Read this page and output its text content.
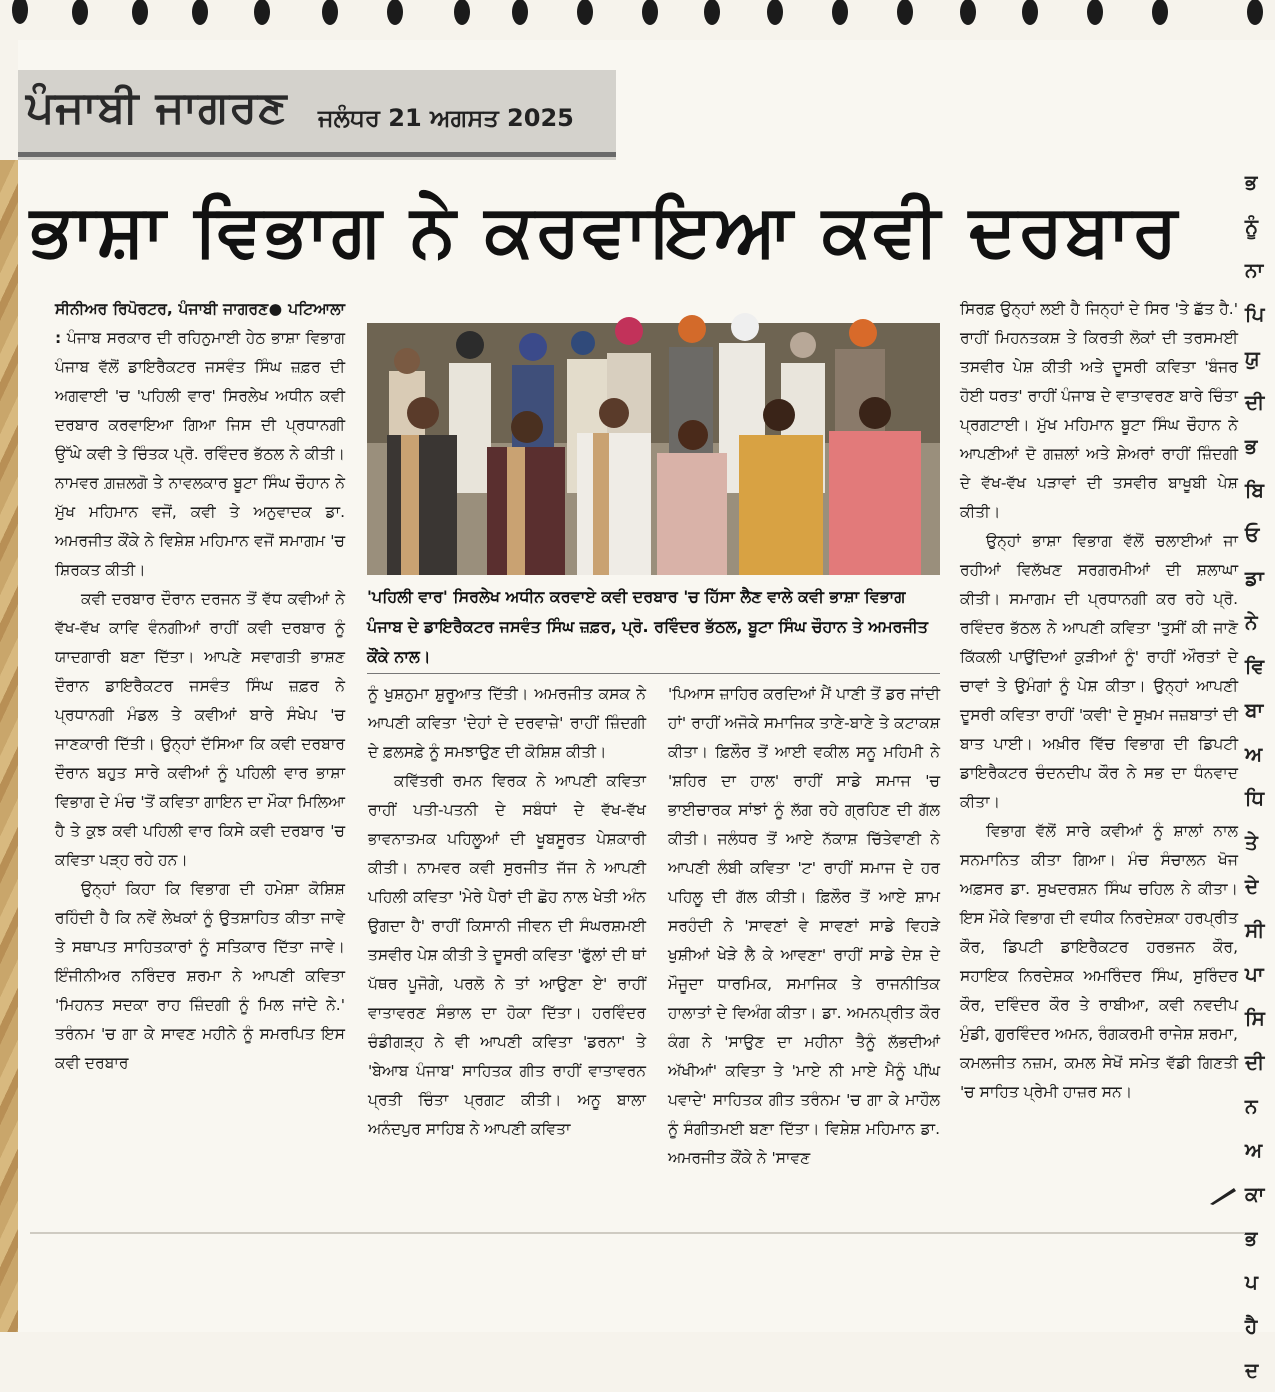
ਪੰਜਾਬੀ ਜਾਗਰਣ ਜਲੰਧਰ 21 ਅਗਸਤ 2025
ਭਾਸ਼ਾ ਵਿਭਾਗ ਨੇ ਕਰਵਾਇਆ ਕਵੀ ਦਰਬਾਰ
ਭ
ਨੂੰ
ਨਾ
ਪਿ
ਯੁ
ਦੀ
ਭ
ਬਿ
ਓ
ਡਾ
ਨੇ
ਵਿ
ਬਾ
ਅ
ਧਿ
ਤੇ
ਦੇ
ਸੀ
ਪਾ
ਸਿ
ਦੀ
ਨ
ਅ
ਕਾ
ਭ
ਪ
ਹੈ
ਦ

ਸੀਨੀਅਰ ਰਿਪੋਰਟਰ, ਪੰਜਾਬੀ ਜਾਗਰਣ● ਪਟਿਆਲਾ : ਪੰਜਾਬ ਸਰਕਾਰ ਦੀ ਰਹਿਨੁਮਾਈ ਹੇਠ ਭਾਸ਼ਾ ਵਿਭਾਗ ਪੰਜਾਬ ਵੱਲੋਂ ਡਾਇਰੈਕਟਰ ਜਸਵੰਤ ਸਿੰਘ ਜ਼ਫ਼ਰ ਦੀ ਅਗਵਾਈ 'ਚ 'ਪਹਿਲੀ ਵਾਰ' ਸਿਰਲੇਖ ਅਧੀਨ ਕਵੀ ਦਰਬਾਰ ਕਰਵਾਇਆ ਗਿਆ ਜਿਸ ਦੀ ਪ੍ਰਧਾਨਗੀ ਉੱਘੇ ਕਵੀ ਤੇ ਚਿੰਤਕ ਪ੍ਰੋ. ਰਵਿੰਦਰ ਭੱਠਲ ਨੇ ਕੀਤੀ। ਨਾਮਵਰ ਗ਼ਜ਼ਲਗੋ ਤੇ ਨਾਵਲਕਾਰ ਬੂਟਾ ਸਿੰਘ ਚੌਹਾਨ ਨੇ ਮੁੱਖ ਮਹਿਮਾਨ ਵਜੋਂ, ਕਵੀ ਤੇ ਅਨੁਵਾਦਕ ਡਾ. ਅਮਰਜੀਤ ਕੌਂਕੇ ਨੇ ਵਿਸ਼ੇਸ਼ ਮਹਿਮਾਨ ਵਜੋਂ ਸਮਾਗਮ 'ਚ ਸ਼ਿਰਕਤ ਕੀਤੀ।

ਕਵੀ ਦਰਬਾਰ ਦੌਰਾਨ ਦਰਜਨ ਤੋਂ ਵੱਧ ਕਵੀਆਂ ਨੇ ਵੱਖ-ਵੱਖ ਕਾਵਿ ਵੰਨਗੀਆਂ ਰਾਹੀਂ ਕਵੀ ਦਰਬਾਰ ਨੂੰ ਯਾਦਗਾਰੀ ਬਣਾ ਦਿੱਤਾ। ਆਪਣੇ ਸਵਾਗਤੀ ਭਾਸ਼ਣ ਦੌਰਾਨ ਡਾਇਰੈਕਟਰ ਜਸਵੰਤ ਸਿੰਘ ਜ਼ਫ਼ਰ ਨੇ ਪ੍ਰਧਾਨਗੀ ਮੰਡਲ ਤੇ ਕਵੀਆਂ ਬਾਰੇ ਸੰਖੇਪ 'ਚ ਜਾਣਕਾਰੀ ਦਿੱਤੀ। ਉਨ੍ਹਾਂ ਦੱਸਿਆ ਕਿ ਕਵੀ ਦਰਬਾਰ ਦੌਰਾਨ ਬਹੁਤ ਸਾਰੇ ਕਵੀਆਂ ਨੂੰ ਪਹਿਲੀ ਵਾਰ ਭਾਸ਼ਾ ਵਿਭਾਗ ਦੇ ਮੰਚ 'ਤੋਂ ਕਵਿਤਾ ਗਾਇਨ ਦਾ ਮੌਕਾ ਮਿਲਿਆ ਹੈ ਤੇ ਕੁਝ ਕਵੀ ਪਹਿਲੀ ਵਾਰ ਕਿਸੇ ਕਵੀ ਦਰਬਾਰ 'ਚ ਕਵਿਤਾ ਪੜ੍ਹ ਰਹੇ ਹਨ।

ਉਨ੍ਹਾਂ ਕਿਹਾ ਕਿ ਵਿਭਾਗ ਦੀ ਹਮੇਸ਼ਾ ਕੋਸ਼ਿਸ਼ ਰਹਿੰਦੀ ਹੈ ਕਿ ਨਵੇਂ ਲੇਖਕਾਂ ਨੂੰ ਉਤਸ਼ਾਹਿਤ ਕੀਤਾ ਜਾਵੇ ਤੇ ਸਥਾਪਤ ਸਾਹਿਤਕਾਰਾਂ ਨੂੰ ਸਤਿਕਾਰ ਦਿੱਤਾ ਜਾਵੇ। ਇੰਜੀਨੀਅਰ ਨਰਿੰਦਰ ਸ਼ਰਮਾ ਨੇ ਆਪਣੀ ਕਵਿਤਾ 'ਮਿਹਨਤ ਸਦਕਾ ਰਾਹ ਜ਼ਿੰਦਗੀ ਨੂੰ ਮਿਲ ਜਾਂਦੇ ਨੇ.' ਤਰੰਨਮ 'ਚ ਗਾ ਕੇ ਸਾਵਣ ਮਹੀਨੇ ਨੂੰ ਸਮਰਪਿਤ ਇਸ ਕਵੀ ਦਰਬਾਰ

'ਪਹਿਲੀ ਵਾਰ' ਸਿਰਲੇਖ ਅਧੀਨ ਕਰਵਾਏ ਕਵੀ ਦਰਬਾਰ 'ਚ ਹਿੱਸਾ ਲੈਣ ਵਾਲੇ ਕਵੀ ਭਾਸ਼ਾ ਵਿਭਾਗ ਪੰਜਾਬ ਦੇ ਡਾਇਰੈਕਟਰ ਜਸਵੰਤ ਸਿੰਘ ਜ਼ਫ਼ਰ, ਪ੍ਰੋ. ਰਵਿੰਦਰ ਭੱਠਲ, ਬੂਟਾ ਸਿੰਘ ਚੌਹਾਨ ਤੇ ਅਮਰਜੀਤ ਕੌਂਕੇ ਨਾਲ।

ਨੂੰ ਖੁਸ਼ਨੁਮਾ ਸ਼ੁਰੂਆਤ ਦਿੱਤੀ। ਅਮਰਜੀਤ ਕਸਕ ਨੇ ਆਪਣੀ ਕਵਿਤਾ 'ਦੇਹਾਂ ਦੇ ਦਰਵਾਜ਼ੇ' ਰਾਹੀਂ ਜ਼ਿੰਦਗੀ ਦੇ ਫ਼ਲਸਫ਼ੇ ਨੂੰ ਸਮਝਾਉਣ ਦੀ ਕੋਸ਼ਿਸ਼ ਕੀਤੀ।

ਕਵਿੱਤਰੀ ਰਮਨ ਵਿਰਕ ਨੇ ਆਪਣੀ ਕਵਿਤਾ ਰਾਹੀਂ ਪਤੀ-ਪਤਨੀ ਦੇ ਸਬੰਧਾਂ ਦੇ ਵੱਖ-ਵੱਖ ਭਾਵਨਾਤਮਕ ਪਹਿਲੂਆਂ ਦੀ ਖੂਬਸੂਰਤ ਪੇਸ਼ਕਾਰੀ ਕੀਤੀ। ਨਾਮਵਰ ਕਵੀ ਸੁਰਜੀਤ ਜੱਜ ਨੇ ਆਪਣੀ ਪਹਿਲੀ ਕਵਿਤਾ 'ਮੇਰੇ ਪੈਰਾਂ ਦੀ ਛੋਹ ਨਾਲ ਖੇਤੀ ਅੰਨ ਉਗਦਾ ਹੈ' ਰਾਹੀਂ ਕਿਸਾਨੀ ਜੀਵਨ ਦੀ ਸੰਘਰਸ਼ਮਈ ਤਸਵੀਰ ਪੇਸ਼ ਕੀਤੀ ਤੇ ਦੂਸਰੀ ਕਵਿਤਾ 'ਫੁੱਲਾਂ ਦੀ ਥਾਂ ਪੱਥਰ ਪੂਜੋਗੇ, ਪਰਲੋ ਨੇ ਤਾਂ ਆਉਣਾ ਏ' ਰਾਹੀਂ ਵਾਤਾਵਰਣ ਸੰਭਾਲ ਦਾ ਹੋਕਾ ਦਿੱਤਾ। ਹਰਵਿੰਦਰ ਚੰਡੀਗੜ੍ਹ ਨੇ ਵੀ ਆਪਣੀ ਕਵਿਤਾ 'ਡਰਨਾ' ਤੇ 'ਬੇਆਬ ਪੰਜਾਬ' ਸਾਹਿਤਕ ਗੀਤ ਰਾਹੀਂ ਵਾਤਾਵਰਨ ਪ੍ਰਤੀ ਚਿੰਤਾ ਪ੍ਰਗਟ ਕੀਤੀ। ਅਨੂ ਬਾਲਾ ਅਨੰਦਪੁਰ ਸਾਹਿਬ ਨੇ ਆਪਣੀ ਕਵਿਤਾ

'ਪਿਆਸ ਜ਼ਾਹਿਰ ਕਰਦਿਆਂ ਮੈਂ ਪਾਣੀ ਤੋਂ ਡਰ ਜਾਂਦੀ ਹਾਂ' ਰਾਹੀਂ ਅਜੋਕੇ ਸਮਾਜਿਕ ਤਾਣੇ-ਬਾਣੇ ਤੇ ਕਟਾਕਸ਼ ਕੀਤਾ। ਫ਼ਿਲੌਰ ਤੋਂ ਆਈ ਵਕੀਲ ਸਨੂ ਮਹਿਮੀ ਨੇ 'ਸ਼ਹਿਰ ਦਾ ਹਾਲ' ਰਾਹੀਂ ਸਾਡੇ ਸਮਾਜ 'ਚ ਭਾਈਚਾਰਕ ਸਾਂਝਾਂ ਨੂੰ ਲੱਗ ਰਹੇ ਗ੍ਰਹਿਣ ਦੀ ਗੱਲ ਕੀਤੀ। ਜਲੰਧਰ ਤੋਂ ਆਏ ਨੱਕਾਸ਼ ਚਿੱਤੇਵਾਣੀ ਨੇ ਆਪਣੀ ਲੰਬੀ ਕਵਿਤਾ 'ਟ' ਰਾਹੀਂ ਸਮਾਜ ਦੇ ਹਰ ਪਹਿਲੂ ਦੀ ਗੱਲ ਕੀਤੀ। ਫ਼ਿਲੌਰ ਤੋਂ ਆਏ ਸ਼ਾਮ ਸਰਹੰਦੀ ਨੇ 'ਸਾਵਣਾਂ ਵੇ ਸਾਵਣਾਂ ਸਾਡੇ ਵਿਹੜੇ ਖੁਸ਼ੀਆਂ ਖੇੜੇ ਲੈ ਕੇ ਆਵਣਾ' ਰਾਹੀਂ ਸਾਡੇ ਦੇਸ਼ ਦੇ ਮੌਜੂਦਾ ਧਾਰਮਿਕ, ਸਮਾਜਿਕ ਤੇ ਰਾਜਨੀਤਿਕ ਹਾਲਾਤਾਂ ਦੇ ਵਿਅੰਗ ਕੀਤਾ। ਡਾ. ਅਮਨਪ੍ਰੀਤ ਕੌਰ ਕੰਗ ਨੇ 'ਸਾਉਣ ਦਾ ਮਹੀਨਾ ਤੈਨੂੰ ਲੱਭਦੀਆਂ ਅੱਖੀਆਂ' ਕਵਿਤਾ ਤੇ 'ਮਾਏ ਨੀ ਮਾਏ ਮੈਨੂੰ ਪੀਂਘ ਪਵਾਦੇ' ਸਾਹਿਤਕ ਗੀਤ ਤਰੰਨਮ 'ਚ ਗਾ ਕੇ ਮਾਹੌਲ ਨੂੰ ਸੰਗੀਤਮਈ ਬਣਾ ਦਿੱਤਾ। ਵਿਸ਼ੇਸ਼ ਮਹਿਮਾਨ ਡਾ. ਅਮਰਜੀਤ ਕੌਂਕੇ ਨੇ 'ਸਾਵਣ

ਸਿਰਫ਼ ਉਨ੍ਹਾਂ ਲਈ ਹੈ ਜਿਨ੍ਹਾਂ ਦੇ ਸਿਰ 'ਤੇ ਛੱਤ ਹੈ.' ਰਾਹੀਂ ਮਿਹਨਤਕਸ਼ ਤੇ ਕਿਰਤੀ ਲੋਕਾਂ ਦੀ ਤਰਸਮਈ ਤਸਵੀਰ ਪੇਸ਼ ਕੀਤੀ ਅਤੇ ਦੂਸਰੀ ਕਵਿਤਾ 'ਬੰਜਰ ਹੋਈ ਧਰਤ' ਰਾਹੀਂ ਪੰਜਾਬ ਦੇ ਵਾਤਾਵਰਣ ਬਾਰੇ ਚਿੰਤਾ ਪ੍ਰਗਟਾਈ। ਮੁੱਖ ਮਹਿਮਾਨ ਬੂਟਾ ਸਿੰਘ ਚੌਹਾਨ ਨੇ ਆਪਣੀਆਂ ਦੋ ਗਜ਼ਲਾਂ ਅਤੇ ਸ਼ੇਅਰਾਂ ਰਾਹੀਂ ਜ਼ਿੰਦਗੀ ਦੇ ਵੱਖ-ਵੱਖ ਪੜਾਵਾਂ ਦੀ ਤਸਵੀਰ ਬਾਖੂਬੀ ਪੇਸ਼ ਕੀਤੀ।

ਉਨ੍ਹਾਂ ਭਾਸ਼ਾ ਵਿਭਾਗ ਵੱਲੋਂ ਚਲਾਈਆਂ ਜਾ ਰਹੀਆਂ ਵਿਲੱਖਣ ਸਰਗਰਮੀਆਂ ਦੀ ਸ਼ਲਾਘਾ ਕੀਤੀ। ਸਮਾਗਮ ਦੀ ਪ੍ਰਧਾਨਗੀ ਕਰ ਰਹੇ ਪ੍ਰੋ. ਰਵਿੰਦਰ ਭੱਠਲ ਨੇ ਆਪਣੀ ਕਵਿਤਾ 'ਤੁਸੀਂ ਕੀ ਜਾਣੋ ਕਿੱਕਲੀ ਪਾਉਂਦਿਆਂ ਕੁੜੀਆਂ ਨੂੰ' ਰਾਹੀਂ ਔਰਤਾਂ ਦੇ ਚਾਵਾਂ ਤੇ ਉਮੰਗਾਂ ਨੂੰ ਪੇਸ਼ ਕੀਤਾ। ਉਨ੍ਹਾਂ ਆਪਣੀ ਦੂਸਰੀ ਕਵਿਤਾ ਰਾਹੀਂ 'ਕਵੀ' ਦੇ ਸੂਖ਼ਮ ਜਜ਼ਬਾਤਾਂ ਦੀ ਬਾਤ ਪਾਈ। ਅਖ਼ੀਰ ਵਿੱਚ ਵਿਭਾਗ ਦੀ ਡਿਪਟੀ ਡਾਇਰੈਕਟਰ ਚੰਦਨਦੀਪ ਕੌਰ ਨੇ ਸਭ ਦਾ ਧੰਨਵਾਦ ਕੀਤਾ।

ਵਿਭਾਗ ਵੱਲੋਂ ਸਾਰੇ ਕਵੀਆਂ ਨੂੰ ਸ਼ਾਲਾਂ ਨਾਲ ਸਨਮਾਨਿਤ ਕੀਤਾ ਗਿਆ। ਮੰਚ ਸੰਚਾਲਨ ਖੋਜ ਅਫ਼ਸਰ ਡਾ. ਸੁਖਦਰਸ਼ਨ ਸਿੰਘ ਚਹਿਲ ਨੇ ਕੀਤਾ। ਇਸ ਮੌਕੇ ਵਿਭਾਗ ਦੀ ਵਧੀਕ ਨਿਰਦੇਸ਼ਕਾ ਹਰਪ੍ਰੀਤ ਕੌਰ, ਡਿਪਟੀ ਡਾਇਰੈਕਟਰ ਹਰਭਜਨ ਕੌਰ, ਸਹਾਇਕ ਨਿਰਦੇਸ਼ਕ ਅਮਰਿੰਦਰ ਸਿੰਘ, ਸੁਰਿੰਦਰ ਕੌਰ, ਦਵਿੰਦਰ ਕੌਰ ਤੇ ਰਾਬੀਆ, ਕਵੀ ਨਵਦੀਪ ਮੁੰਡੀ, ਗੁਰਵਿੰਦਰ ਅਮਨ, ਰੰਗਕਰਮੀ ਰਾਜੇਸ਼ ਸ਼ਰਮਾ, ਕਮਲਜੀਤ ਨਜ਼ਮ, ਕਮਲ ਸੇਖੋਂ ਸਮੇਤ ਵੱਡੀ ਗਿਣਤੀ 'ਚ ਸਾਹਿਤ ਪ੍ਰੇਮੀ ਹਾਜ਼ਰ ਸਨ।
